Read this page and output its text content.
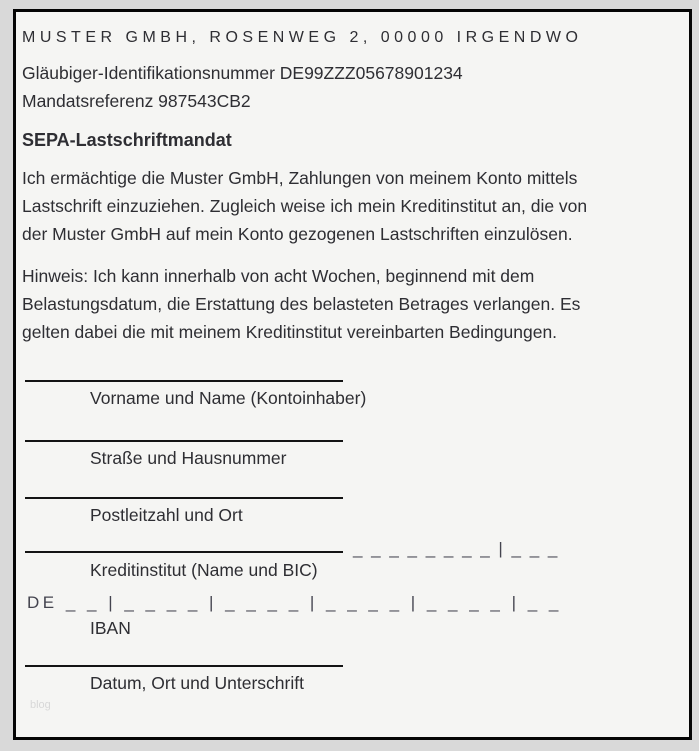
MUSTER GMBH, ROSENWEG 2, 00000 IRGENDWO
Gläubiger-Identifikationsnummer DE99ZZZ05678901234
Mandatsreferenz 987543CB2
SEPA-Lastschriftmandat
Ich ermächtige die Muster GmbH, Zahlungen von meinem Konto mittels
Lastschrift einzuziehen. Zugleich weise ich mein Kreditinstitut an, die von
der Muster GmbH auf mein Konto gezogenen Lastschriften einzulösen.
Hinweis: Ich kann innerhalb von acht Wochen, beginnend mit dem
Belastungsdatum, die Erstattung des belasteten Betrages verlangen. Es
gelten dabei die mit meinem Kreditinstitut vereinbarten Bedingungen.
Vorname und Name (Kontoinhaber)
Straße und Hausnummer
Postleitzahl und Ort
_ _ _ _ _ _ _ _ | _ _ _
Kreditinstitut (Name und BIC)
DE _ _ | _ _ _ _ | _ _ _ _ | _ _ _ _ | _ _ _ _ | _ _
IBAN
Datum, Ort und Unterschrift
blog
